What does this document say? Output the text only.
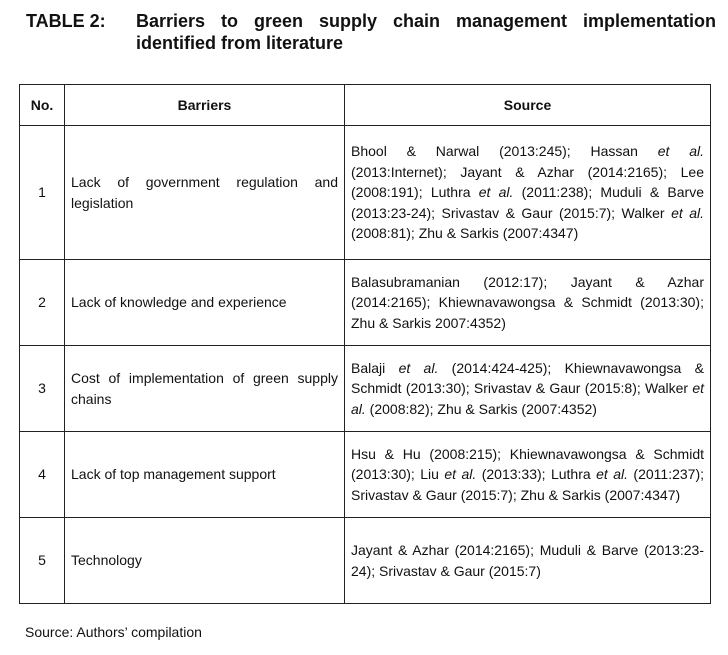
TABLE 2: Barriers to green supply chain management implementation identified from literature
No.	Barriers	Source
1	Lack of government regulation and legislation	Bhool & Narwal (2013:245); Hassan et al. (2013:Internet); Jayant & Azhar (2014:2165); Lee (2008:191); Luthra et al. (2011:238); Muduli & Barve (2013:23-24); Srivastav & Gaur (2015:7); Walker et al. (2008:81); Zhu & Sarkis (2007:4347)
2	Lack of knowledge and experience	Balasubramanian (2012:17); Jayant & Azhar (2014:2165); Khiewnavawongsa & Schmidt (2013:30); Zhu & Sarkis 2007:4352)
3	Cost of implementation of green supply chains	Balaji et al. (2014:424-425); Khiewnavawongsa & Schmidt (2013:30); Srivastav & Gaur (2015:8); Walker et al. (2008:82); Zhu & Sarkis (2007:4352)
4	Lack of top management support	Hsu & Hu (2008:215); Khiewnavawongsa & Schmidt (2013:30); Liu et al. (2013:33); Luthra et al. (2011:237); Srivastav & Gaur (2015:7); Zhu & Sarkis (2007:4347)
5	Technology	Jayant & Azhar (2014:2165); Muduli & Barve (2013:23-24); Srivastav & Gaur (2015:7)
Source: Authors’ compilation
